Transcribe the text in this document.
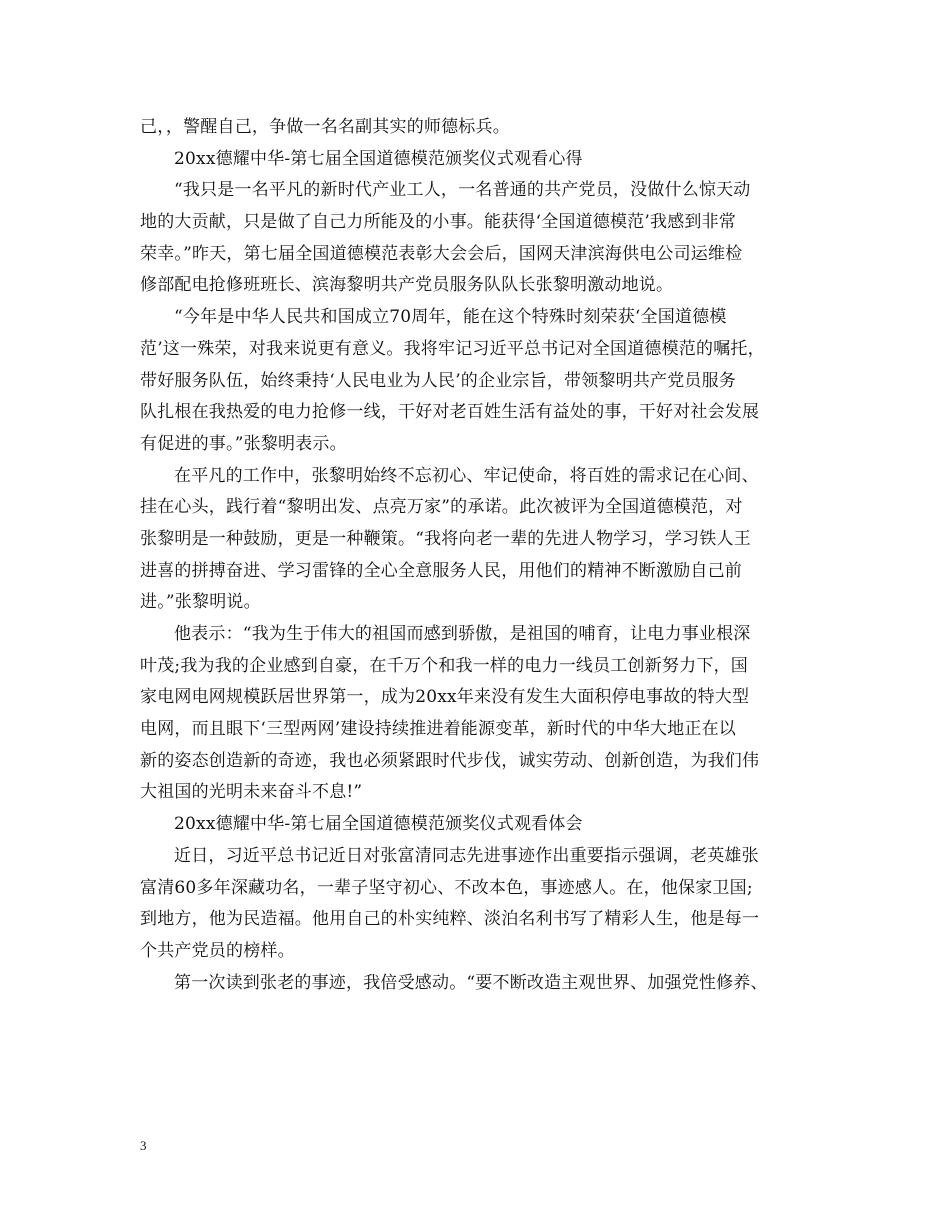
己，，警醒自己，争做一名名副其实的师德标兵。
20xx德耀中华-第七届全国道德模范颁奖仪式观看心得
“我只是一名平凡的新时代产业工人，一名普通的共产党员，没做什么惊天动
地的大贡献，只是做了自己力所能及的小事。能获得‘全国道德模范’我感到非常
荣幸。”昨天，第七届全国道德模范表彰大会会后，国网天津滨海供电公司运维检
修部配电抢修班班长、滨海黎明共产党员服务队队长张黎明激动地说。
“今年是中华人民共和国成立70周年，能在这个特殊时刻荣获‘全国道德模
范’这一殊荣，对我来说更有意义。我将牢记习近平总书记对全国道德模范的嘱托，
带好服务队伍，始终秉持‘人民电业为人民’的企业宗旨，带领黎明共产党员服务
队扎根在我热爱的电力抢修一线，干好对老百姓生活有益处的事，干好对社会发展
有促进的事。”张黎明表示。
在平凡的工作中，张黎明始终不忘初心、牢记使命，将百姓的需求记在心间、
挂在心头，践行着“黎明出发、点亮万家”的承诺。此次被评为全国道德模范，对
张黎明是一种鼓励，更是一种鞭策。“我将向老一辈的先进人物学习，学习铁人王
进喜的拼搏奋进、学习雷锋的全心全意服务人民，用他们的精神不断激励自己前
进。”张黎明说。
他表示：“我为生于伟大的祖国而感到骄傲，是祖国的哺育，让电力事业根深
叶茂;我为我的企业感到自豪，在千万个和我一样的电力一线员工创新努力下，国
家电网电网规模跃居世界第一，成为20xx年来没有发生大面积停电事故的特大型
电网，而且眼下‘三型两网’建设持续推进着能源变革，新时代的中华大地正在以
新的姿态创造新的奇迹，我也必须紧跟时代步伐，诚实劳动、创新创造，为我们伟
大祖国的光明未来奋斗不息!”
20xx德耀中华-第七届全国道德模范颁奖仪式观看体会
近日，习近平总书记近日对张富清同志先进事迹作出重要指示强调，老英雄张
富清60多年深藏功名，一辈子坚守初心、不改本色，事迹感人。在，他保家卫国;
到地方，他为民造福。他用自己的朴实纯粹、淡泊名利书写了精彩人生，他是每一
个共产党员的榜样。
第一次读到张老的事迹，我倍受感动。“要不断改造主观世界、加强党性修养、
3
